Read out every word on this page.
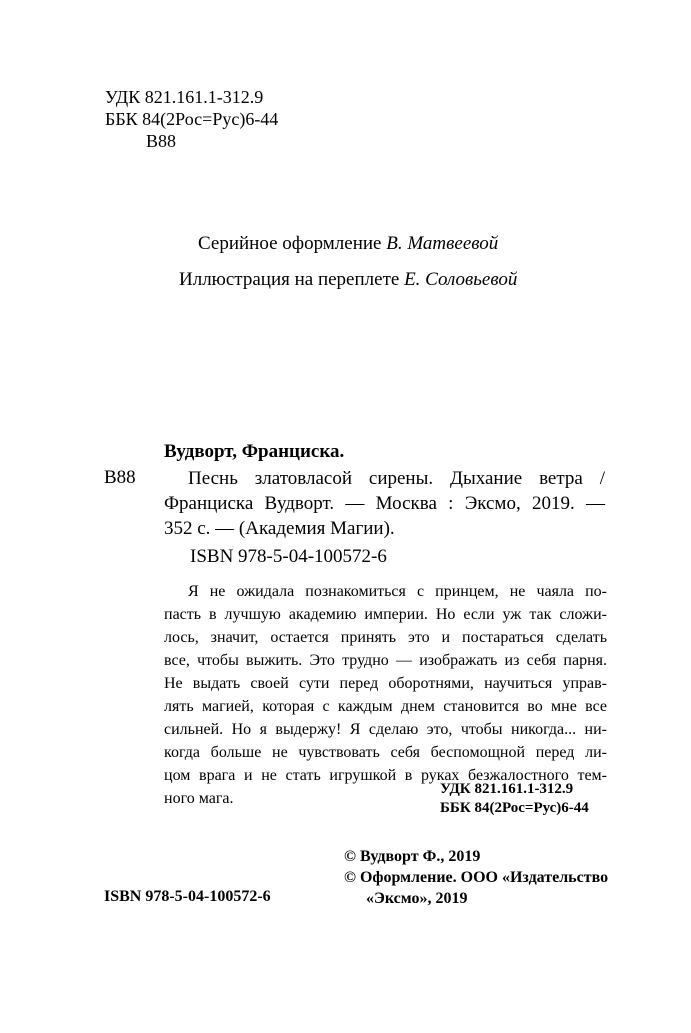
УДК 821.161.1-312.9
ББК 84(2Рос=Рус)6-44
В88
Серийное оформление В. Матвеевой
Иллюстрация на переплете Е. Соловьевой
Вудворт, Франциска.
В88	Песнь златовласой сирены. Дыхание ветра /
Франциска Вудворт. — Москва : Эксмо, 2019. —
352 с. — (Академия Магии).
ISBN 978-5-04-100572-6
Я не ожидала познакомиться с принцем, не чаяла по-
пасть в лучшую академию империи. Но если уж так сложи-
лось, значит, остается принять это и постараться сделать
все, чтобы выжить. Это трудно — изображать из себя парня.
Не выдать своей сути перед оборотнями, научиться управ-
лять магией, которая с каждым днем становится во мне все
сильней. Но я выдержу! Я сделаю это, чтобы никогда... ни-
когда больше не чувствовать себя беспомощной перед ли-
цом врага и не стать игрушкой в руках безжалостного тем-
ного мага.
УДК 821.161.1-312.9
ББК 84(2Рос=Рус)6-44
© Вудворт Ф., 2019
© Оформление. ООО «Издательство
«Эксмо», 2019
ISBN 978-5-04-100572-6
